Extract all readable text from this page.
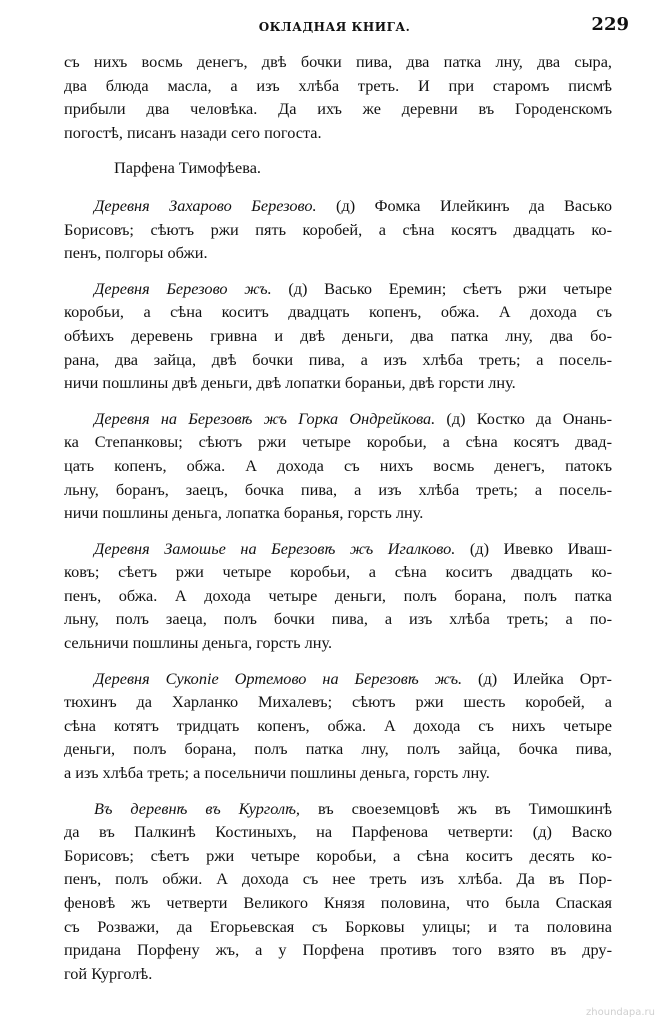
ОКЛАДНАЯ КНИГА.	229
съ нихъ восмь денегъ, двѣ бочки пива, два патка лну, два сыра,
два блюда масла, а изъ хлѣба треть. И при старомъ писмѣ
прибыли два человѣка. Да ихъ же деревни въ Городенскомъ
погостѣ, писанъ назади сего погоста.
Парфена Тимофѣева.
Деревня Захарово Березово. (д) Фомка Илейкинъ да Васько
Борисовъ; сѣютъ ржи пять коробей, а сѣна косятъ двадцать ко-
пенъ, полгоры обжи.
Деревня Березово жъ. (д) Васько Еремин; сѣетъ ржи четыре
коробьи, а сѣна коситъ двадцать копенъ, обжа. А дохода съ
обѣихъ деревень гривна и двѣ деньги, два патка лну, два бо-
рана, два зайца, двѣ бочки пива, а изъ хлѣба треть; а посель-
ничи пошлины двѣ деньги, двѣ лопатки бораньи, двѣ горсти лну.
Деревня на Березовѣ жъ Горка Ондрейкова. (д) Костко да Онань-
ка Степанковы; сѣютъ ржи четыре коробьи, а сѣна косятъ двад-
цать копенъ, обжа. А дохода съ нихъ восмь денегъ, патокъ
льну, боранъ, заецъ, бочка пива, а изъ хлѣба треть; а посель-
ничи пошлины деньга, лопатка боранья, горсть лну.
Деревня Замошье на Березовѣ жъ Игалково. (д) Ивевко Иваш-
ковъ; сѣетъ ржи четыре коробьи, а сѣна коситъ двадцать ко-
пенъ, обжа. А дохода четыре деньги, полъ борана, полъ патка
льну, полъ заеца, полъ бочки пива, а изъ хлѣба треть; а по-
сельничи пошлины деньга, горсть лну.
Деревня Сукопіе Ортемово на Березовѣ жъ. (д) Илейка Орт-
тюхинъ да Харланко Михалевъ; сѣютъ ржи шесть коробей, а
сѣна котятъ тридцать копенъ, обжа. А дохода съ нихъ четыре
деньги, полъ борана, полъ патка лну, полъ зайца, бочка пива,
а изъ хлѣба треть; а посельничи пошлины деньга, горсть лну.
Въ деревнѣ въ Курголѣ, въ своеземцовѣ жъ въ Тимошкинѣ
да въ Палкинѣ Костиныхъ, на Парфенова четверти: (д) Васко
Борисовъ; сѣетъ ржи четыре коробьи, а сѣна коситъ десять ко-
пенъ, полъ обжи. А дохода съ нее треть изъ хлѣба. Да въ Пор-
феновѣ жъ четверти Великого Князя половина, что была Спаская
съ Розважи, да Егорьевская съ Борковы улицы; и та половина
придана Порфену жъ, а у Порфена противъ того взято въ дру-
гой Курголѣ.
zhoundapa.ru
